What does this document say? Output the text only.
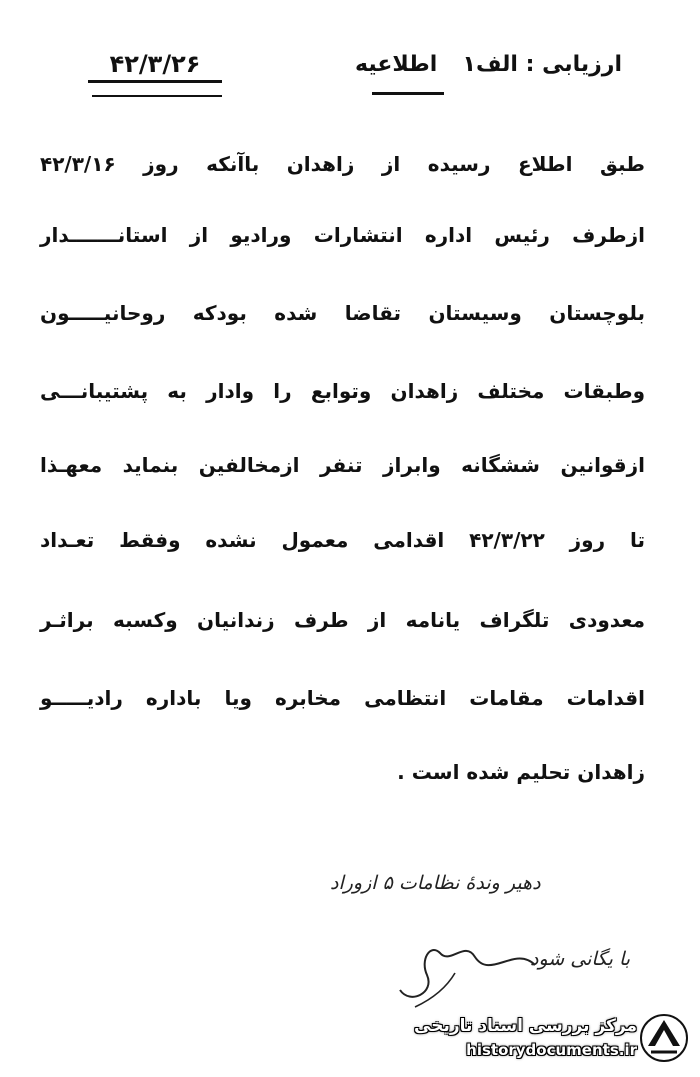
۴۲/۳/۲۶	ارزیابی : الف۱
اطلاعیه
طبق اطلاع رسیده از زاهدان باآنکه روز ۴۲/۳/۱۶
ازطرف رئیس اداره انتشارات ورادیو از استانـــــــدار
بلوچستان وسیستان تقاضا شده بودکه روحانیـــــون
وطبقات مختلف زاهدان وتوابع را وادار به پشتیبانـــی
ازقوانین ششگانه وابراز تنفر ازمخالفین بنماید معهـذا
تا روز ۴۲/۳/۲۲ اقدامی معمول نشده وفقط تعـداد
معدودی تلگراف یانامه از طرف زندانیان وکسبه براثـر
اقدامات مقامات انتظامی مخابره ویا باداره رادیـــــو
زاهدان تحلیم شده است .
دهیر وندهٔ نظامات ۵ ازوراد
با یگانی شود
مرکز بررسی اسناد تاریخی
historydocuments.ir
